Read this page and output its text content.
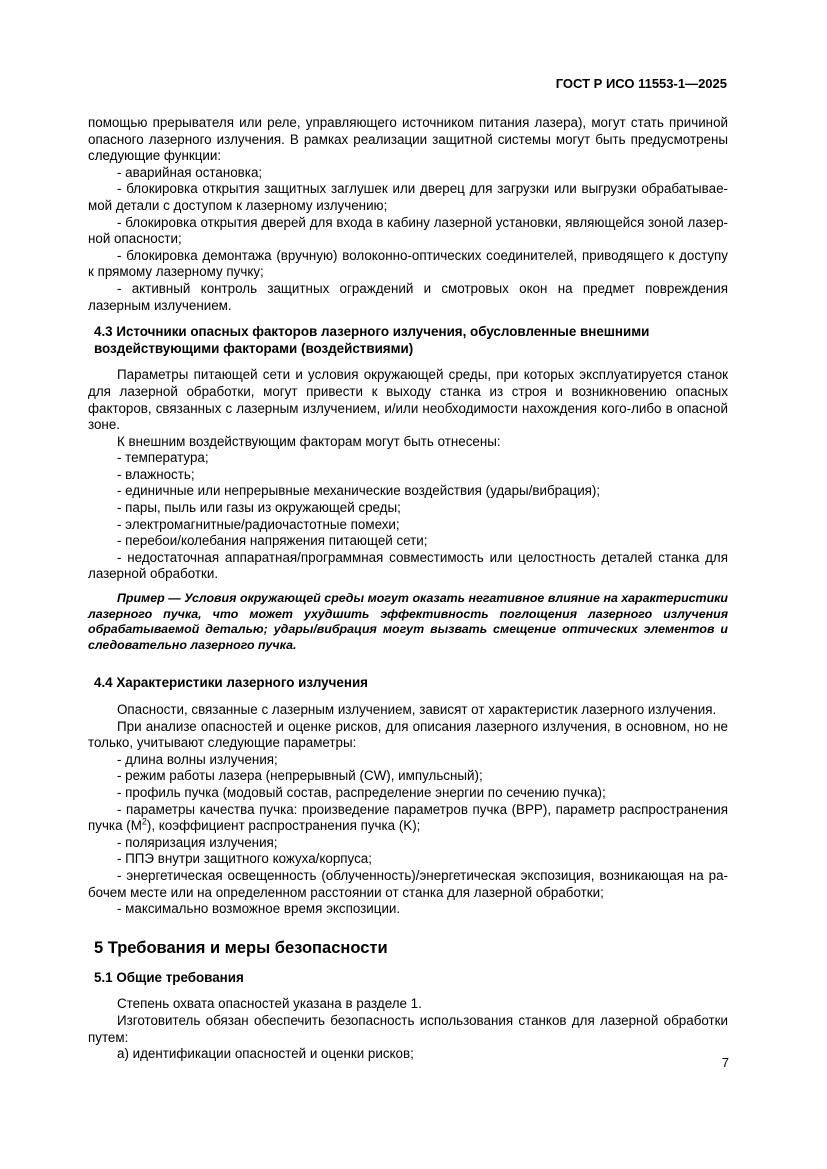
ГОСТ Р ИСО 11553-1—2025
помощью прерывателя или реле, управляющего источником питания лазера), могут стать причиной опасного лазерного излучения. В рамках реализации защитной системы могут быть предусмотрены следующие функции:
- аварийная остановка;
- блокировка открытия защитных заглушек или дверец для загрузки или выгрузки обрабатываемой детали с доступом к лазерному излучению;
- блокировка открытия дверей для входа в кабину лазерной установки, являющейся зоной лазерной опасности;
- блокировка демонтажа (вручную) волоконно-оптических соединителей, приводящего к доступу к прямому лазерному пучку;
- активный контроль защитных ограждений и смотровых окон на предмет повреждения лазерным излучением.
4.3 Источники опасных факторов лазерного излучения, обусловленные внешними воздействующими факторами (воздействиями)
Параметры питающей сети и условия окружающей среды, при которых эксплуатируется станок для лазерной обработки, могут привести к выходу станка из строя и возникновению опасных факторов, связанных с лазерным излучением, и/или необходимости нахождения кого-либо в опасной зоне.
К внешним воздействующим факторам могут быть отнесены:
- температура;
- влажность;
- единичные или непрерывные механические воздействия (удары/вибрация);
- пары, пыль или газы из окружающей среды;
- электромагнитные/радиочастотные помехи;
- перебои/колебания напряжения питающей сети;
- недостаточная аппаратная/программная совместимость или целостность деталей станка для лазерной обработки.
Пример — Условия окружающей среды могут оказать негативное влияние на характеристики лазерного пучка, что может ухудшить эффективность поглощения лазерного излучения обрабатываемой деталью; удары/вибрация могут вызвать смещение оптических элементов и следовательно лазерного пучка.
4.4 Характеристики лазерного излучения
Опасности, связанные с лазерным излучением, зависят от характеристик лазерного излучения.
При анализе опасностей и оценке рисков, для описания лазерного излучения, в основном, но не только, учитывают следующие параметры:
- длина волны излучения;
- режим работы лазера (непрерывный (CW), импульсный);
- профиль пучка (модовый состав, распределение энергии по сечению пучка);
- параметры качества пучка: произведение параметров пучка (BPP), параметр распространения пучка $(M^2)$, коэффициент распространения пучка (K);
- поляризация излучения;
- ППЭ внутри защитного кожуха/корпуса;
- энергетическая освещенность (облученность)/энергетическая экспозиция, возникающая на рабочем месте или на определенном расстоянии от станка для лазерной обработки;
- максимально возможное время экспозиции.
5 Требования и меры безопасности
5.1 Общие требования
Степень охвата опасностей указана в разделе 1.
Изготовитель обязан обеспечить безопасность использования станков для лазерной обработки путем:
а) идентификации опасностей и оценки рисков;
7
